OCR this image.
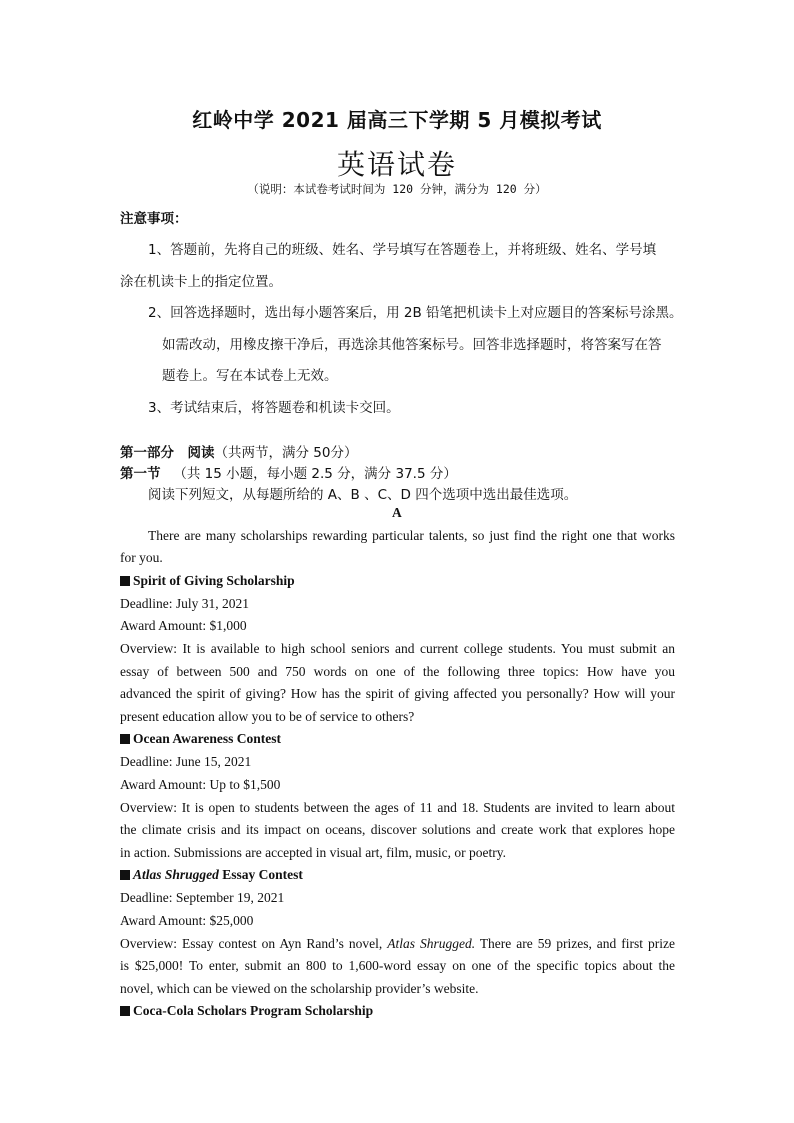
红岭中学 2021 届高三下学期 5 月模拟考试
英语试卷
（说明：本试卷考试时间为 120 分钟，满分为 120 分）
注意事项：
1、答题前，先将自己的班级、姓名、学号填写在答题卷上，并将班级、姓名、学号填
涂在机读卡上的指定位置。
2、回答选择题时，选出每小题答案后，用 2B 铅笔把机读卡上对应题目的答案标号涂黑。
如需改动，用橡皮擦干净后，再选涂其他答案标号。回答非选择题时，将答案写在答
题卷上。写在本试卷上无效。
3、考试结束后，将答题卷和机读卡交回。
第一部分　阅读（共两节，满分 50分）
第一节 （共 15 小题，每小题 2.5 分，满分 37.5 分）
阅读下列短文，从每题所给的 A、B 、C、D 四个选项中选出最佳选项。
A
There are many scholarships rewarding particular talents, so just find the right one that works
for you.
Spirit of Giving Scholarship
Deadline: July 31, 2021
Award Amount: $1,000
Overview: It is available to high school seniors and current college students. You must submit an
essay of between 500 and 750 words on one of the following three topics: How have you
advanced the spirit of giving? How has the spirit of giving affected you personally? How will your
present education allow you to be of service to others?
Ocean Awareness Contest
Deadline: June 15, 2021
Award Amount: Up to $1,500
Overview: It is open to students between the ages of 11 and 18. Students are invited to learn about
the climate crisis and its impact on oceans, discover solutions and create work that explores hope
in action. Submissions are accepted in visual art, film, music, or poetry.
Atlas Shrugged Essay Contest
Deadline: September 19, 2021
Award Amount: $25,000
Overview: Essay contest on Ayn Rand’s novel, Atlas Shrugged. There are 59 prizes, and first prize
is $25,000! To enter, submit an 800 to 1,600-word essay on one of the specific topics about the
novel, which can be viewed on the scholarship provider’s website.
Coca-Cola Scholars Program Scholarship
